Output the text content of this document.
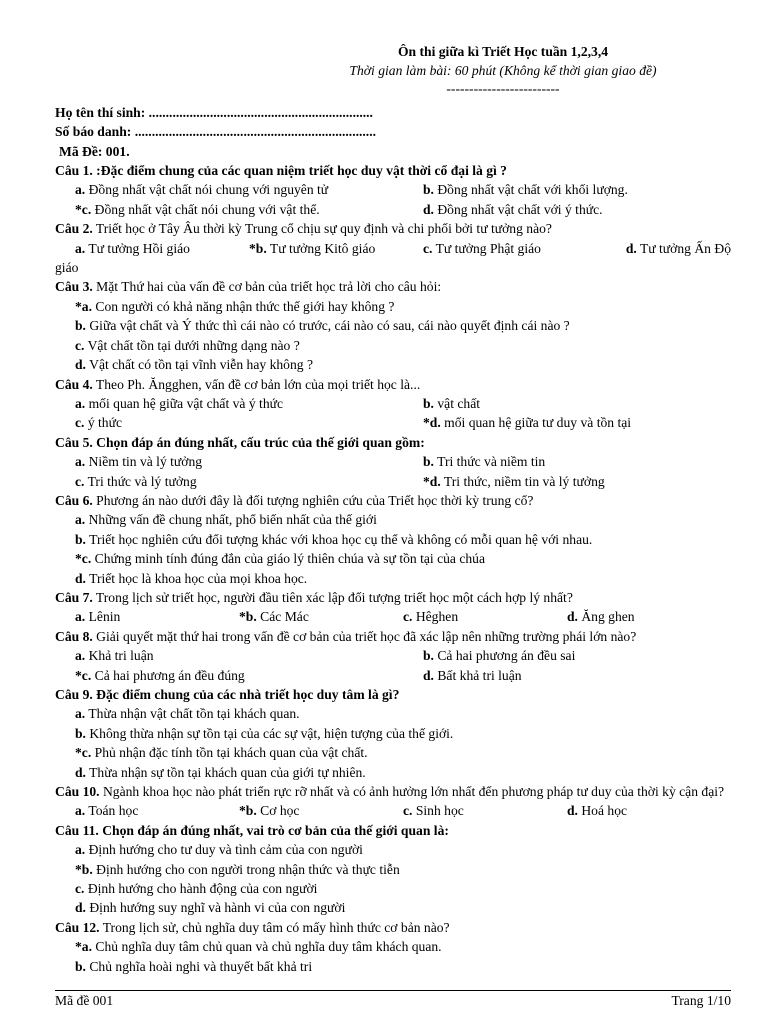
Ôn thi giữa kì Triết Học tuần 1,2,3,4
Thời gian làm bài: 60 phút (Không kể thời gian giao đề)
-------------------------
Họ tên thí sinh: ..................................................................
Số báo danh: .......................................................................
Mã Đề: 001.
Câu 1. :Đặc điểm chung của các quan niệm triết học duy vật thời cổ đại là gì ?
a. Đồng nhất vật chất nói chung với nguyên tử	b. Đồng nhất vật chất với khối lượng.
*c. Đồng nhất vật chất nói chung với vật thể.	d. Đồng nhất vật chất với ý thức.
Câu 2. Triết học ở Tây Âu thời kỳ Trung cổ chịu sự quy định và chi phối bởi tư tưởng nào?
a. Tư tưởng Hồi giáo	*b. Tư tưởng Kitô giáo	c. Tư tưởng Phật giáo	d. Tư tưởng Ấn Độ
giáo
Câu 3. Mặt Thứ hai của vấn đề cơ bản của triết học trả lời cho câu hỏi:
*a. Con người có khả năng nhận thức thế giới hay không ?
b. Giữa vật chất và Ý thức thì cái nào có trước, cái nào có sau, cái nào quyết định cái nào ?
c. Vật chất tồn tại dưới những dạng nào ?
d. Vật chất có tồn tại vĩnh viễn hay không ?
Câu 4. Theo Ph. Ăngghen, vấn đề cơ bản lớn của mọi triết học là...
a. mối quan hệ giữa vật chất và ý thức	b. vật chất
c. ý thức	*d. mối quan hệ giữa tư duy và tồn tại
Câu 5. Chọn đáp án đúng nhất, cấu trúc của thế giới quan gồm:
a. Niềm tin và lý tưởng	b. Tri thức và niềm tin
c. Tri thức và lý tưởng	*d. Tri thức, niềm tin và lý tưởng
Câu 6. Phương án nào dưới đây là đối tượng nghiên cứu của Triết học thời kỳ trung cổ?
a. Những vấn đề chung nhất, phổ biến nhất của thế giới
b. Triết học nghiên cứu đối tượng khác với khoa học cụ thể và không có mỗi quan hệ với nhau.
*c. Chứng minh tính đúng đắn của giáo lý thiên chúa và sự tồn tại của chúa
d. Triết học là khoa học của mọi khoa học.
Câu 7. Trong lịch sử triết học, người đầu tiên xác lập đối tượng triết học một cách hợp lý nhất?
a. Lênin	*b. Các Mác	c. Hêghen	d. Ăng ghen
Câu 8. Giải quyết mặt thứ hai trong vấn đề cơ bản của triết học đã xác lập nên những trường phái lớn nào?
a. Khả tri luận	b. Cả hai phương án đều sai
*c. Cả hai phương án đều đúng	d. Bất khả tri luận
Câu 9. Đặc điểm chung của các nhà triết học duy tâm là gì?
a. Thừa nhận vật chất tồn tại khách quan.
b. Không thừa nhận sự tồn tại của các sự vật, hiện tượng của thế giới.
*c. Phủ nhận đặc tính tồn tại khách quan của vật chất.
d. Thừa nhận sự tồn tại khách quan của giới tự nhiên.
Câu 10. Ngành khoa học nào phát triển rực rỡ nhất và có ảnh hưởng lớn nhất đến phương pháp tư duy của thời kỳ cận đại?
a. Toán học	*b. Cơ học	c. Sinh học	d. Hoá học
Câu 11. Chọn đáp án đúng nhất, vai trò cơ bản của thế giới quan là:
a. Định hướng cho tư duy và tình cảm của con người
*b. Định hướng cho con người trong nhận thức và thực tiễn
c. Định hướng cho hành động của con người
d. Định hướng suy nghĩ và hành vi của con người
Câu 12. Trong lịch sử, chủ nghĩa duy tâm có mấy hình thức cơ bản nào?
*a. Chủ nghĩa duy tâm chủ quan và chủ nghĩa duy tâm khách quan.
b. Chủ nghĩa hoài nghi và thuyết bất khả tri
Mã đề 001	Trang 1/10
